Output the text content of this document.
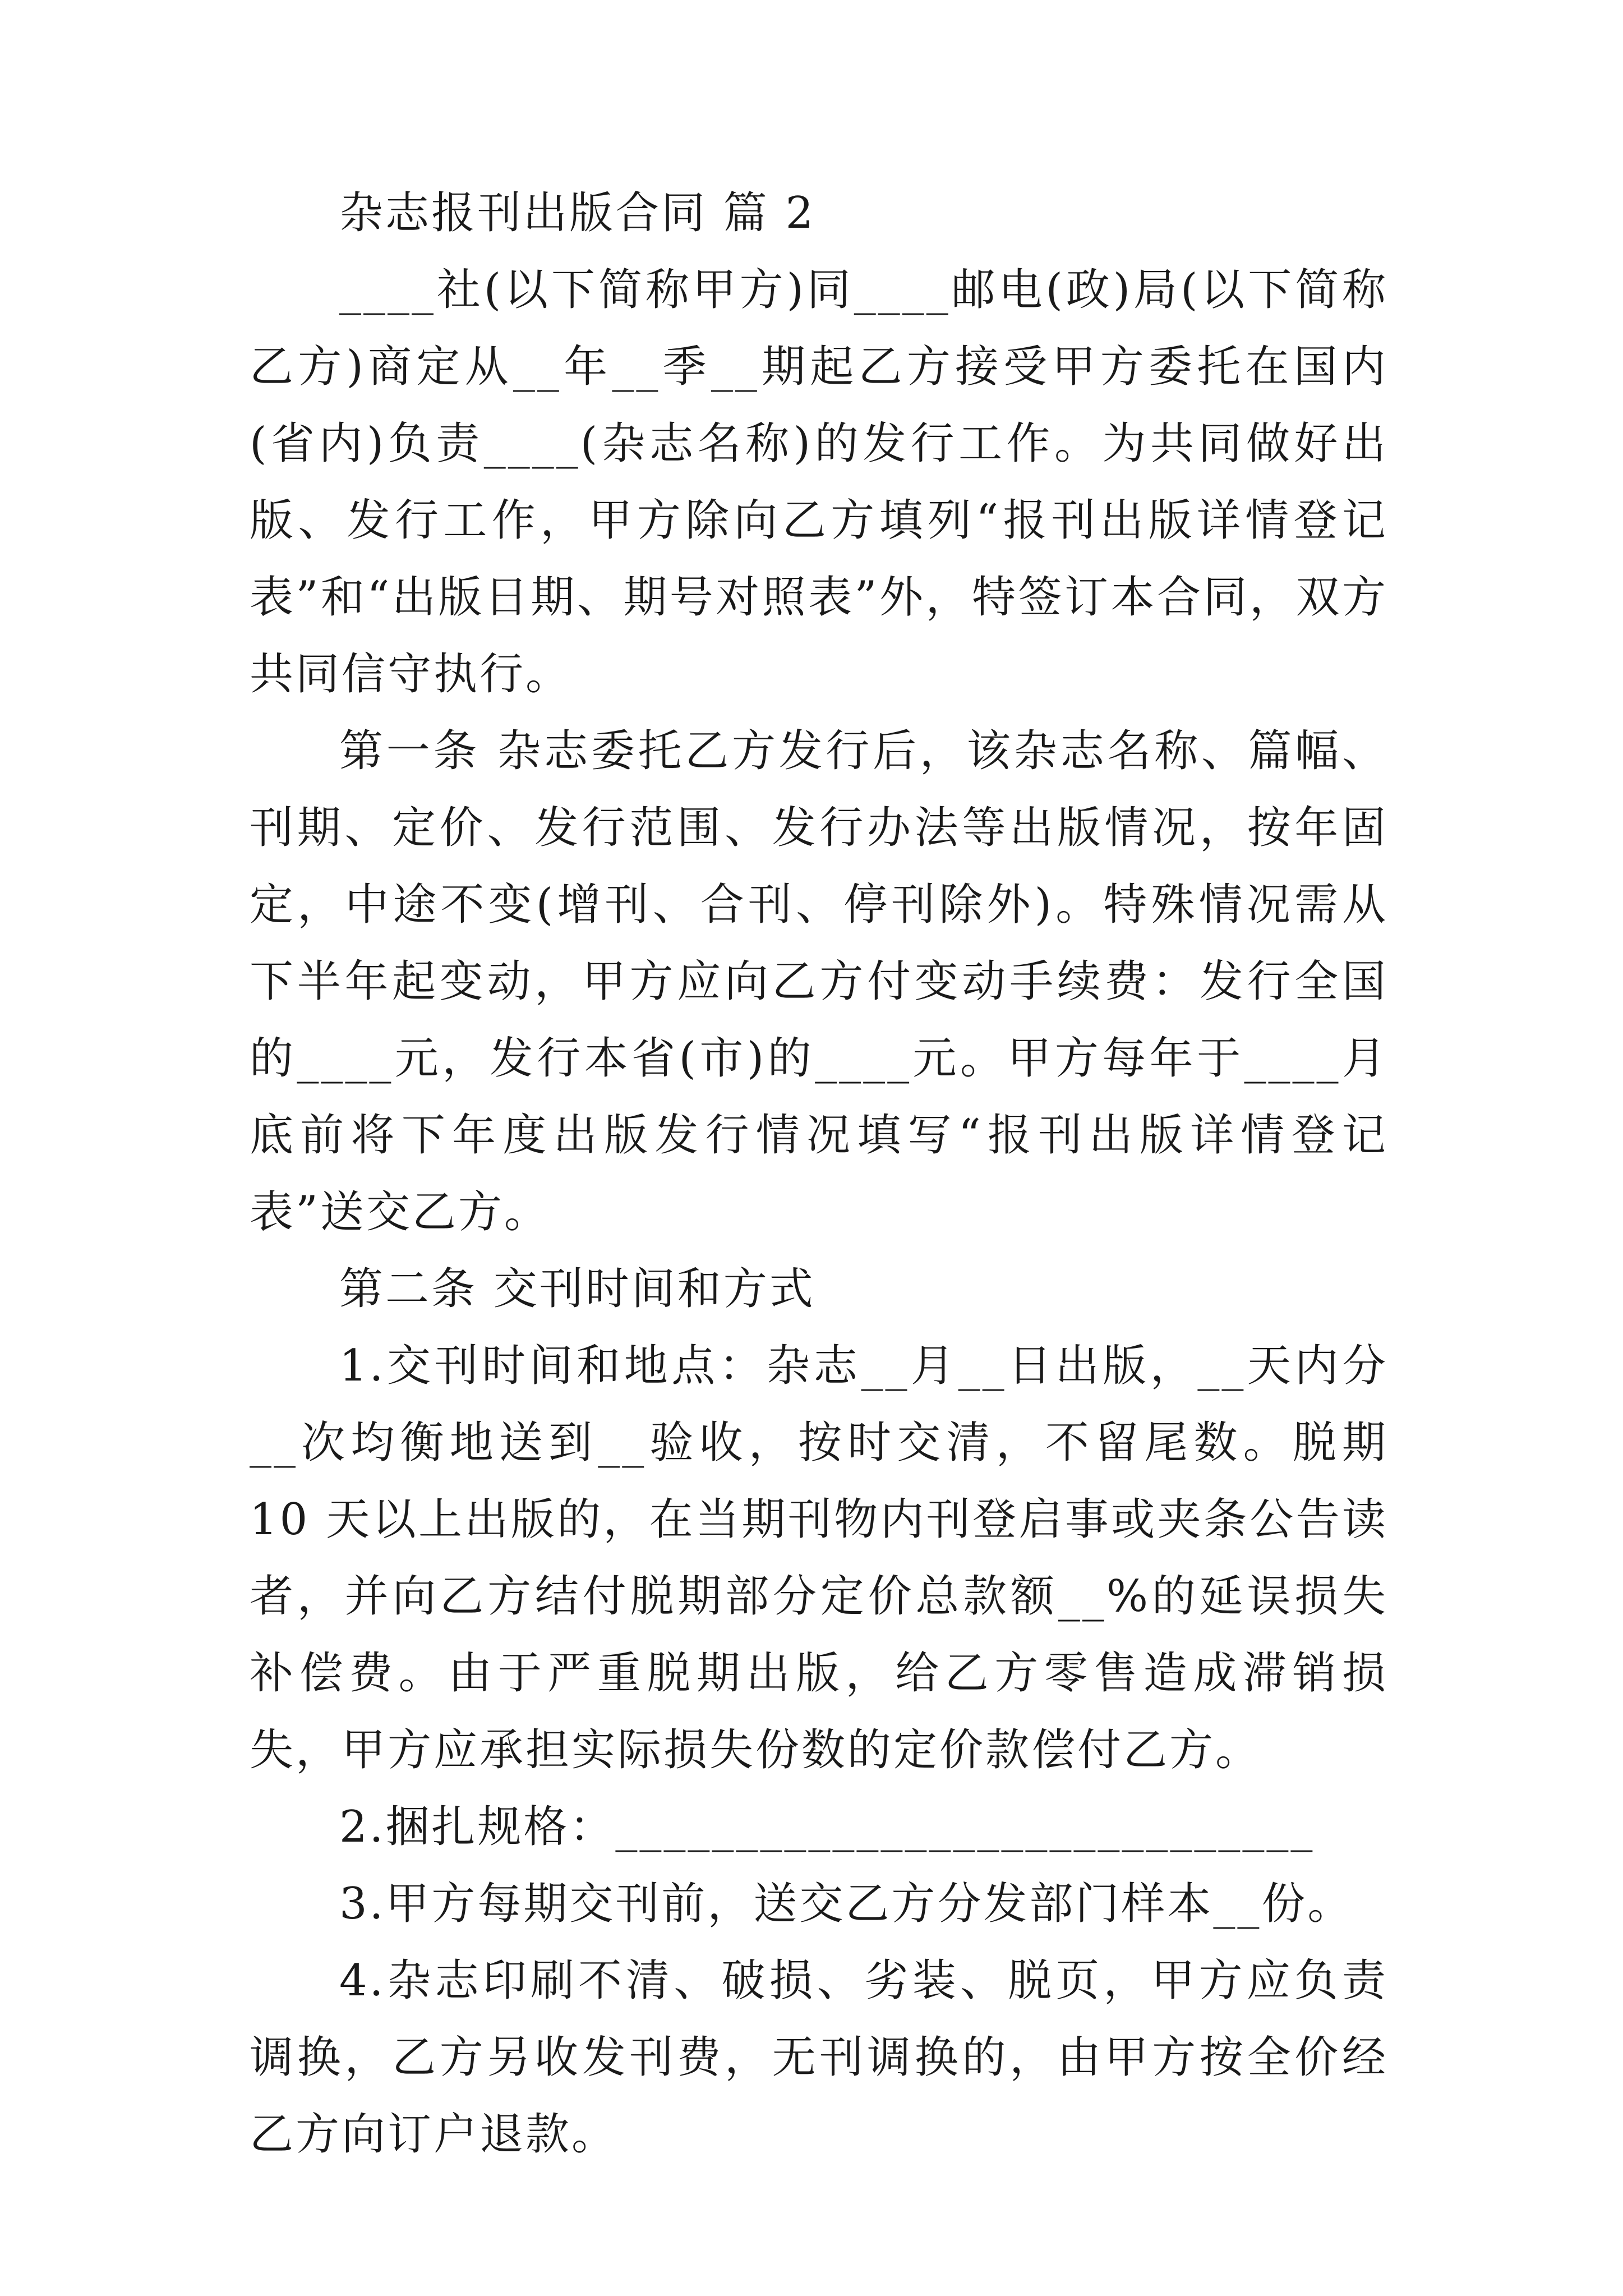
杂志报刊出版合同 篇 2

____社(以下简称甲方)同____邮电(政)局(以下简称乙方)商定从__年__季__期起乙方接受甲方委托在国内(省内)负责____(杂志名称)的发行工作。为共同做好出版、发行工作，甲方除向乙方填列“报刊出版详情登记表”和“出版日期、期号对照表”外，特签订本合同，双方共同信守执行。

第一条 杂志委托乙方发行后，该杂志名称、篇幅、刊期、定价、发行范围、发行办法等出版情况，按年固定，中途不变(增刊、合刊、停刊除外)。特殊情况需从下半年起变动，甲方应向乙方付变动手续费：发行全国的____元，发行本省(市)的____元。甲方每年于____月底前将下年度出版发行情况填写“报刊出版详情登记表”送交乙方。

第二条 交刊时间和方式

1.交刊时间和地点：杂志__月__日出版，__天内分__次均衡地送到__验收，按时交清，不留尾数。脱期 10 天以上出版的，在当期刊物内刊登启事或夹条公告读者，并向乙方结付脱期部分定价总款额__%的延误损失补偿费。由于严重脱期出版，给乙方零售造成滞销损失，甲方应承担实际损失份数的定价款偿付乙方。

2.捆扎规格：_____________________________

3.甲方每期交刊前，送交乙方分发部门样本__份。

4.杂志印刷不清、破损、劣装、脱页，甲方应负责调换，乙方另收发刊费，无刊调换的，由甲方按全价经乙方向订户退款。
